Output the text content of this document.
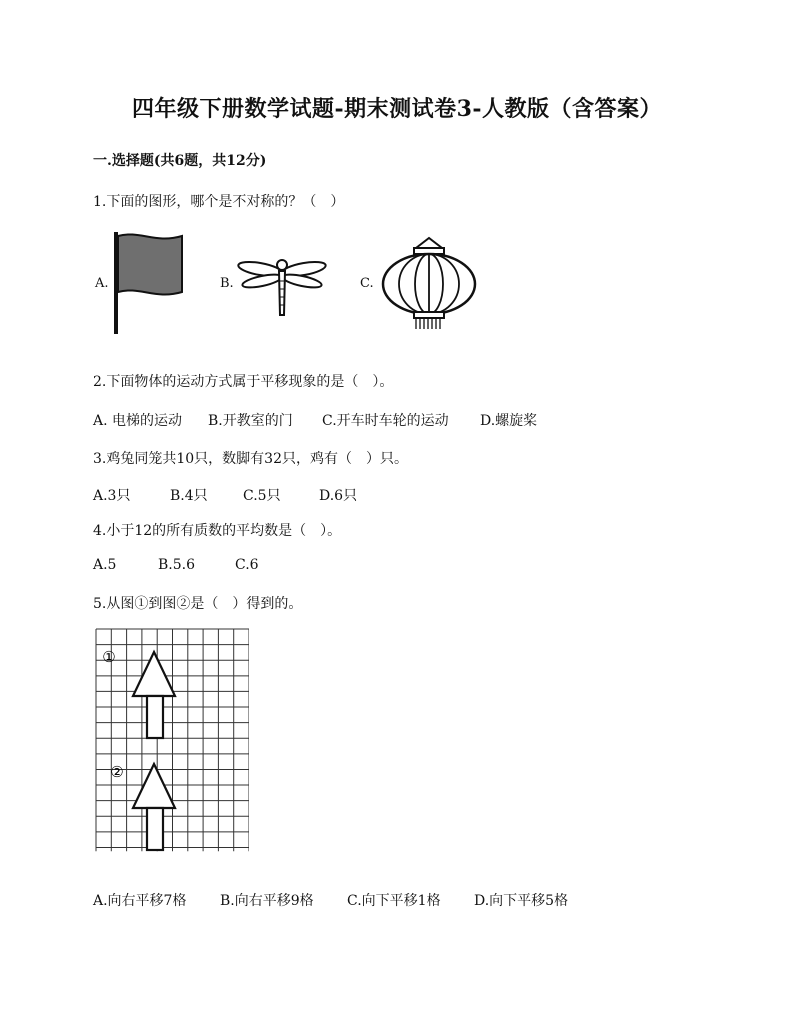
四年级下册数学试题-期末测试卷3-人教版（含答案）
一.选择题(共6题，共12分)
1.下面的图形，哪个是不对称的？（　）
A.	B.	C.
2.下面物体的运动方式属于平移现象的是（　）。
A. 电梯的运动 B.开教室的门 C.开车时车轮的运动 D.螺旋桨
3.鸡兔同笼共10只，数脚有32只，鸡有（　）只。
A.3只	B.4只	C.5只	D.6只
4.小于12的所有质数的平均数是（　）。
A.5	B.5.6	C.6
5.从图①到图②是（　）得到的。
①
②
A.向右平移7格 B.向右平移9格 C.向下平移1格 D.向下平移5格
